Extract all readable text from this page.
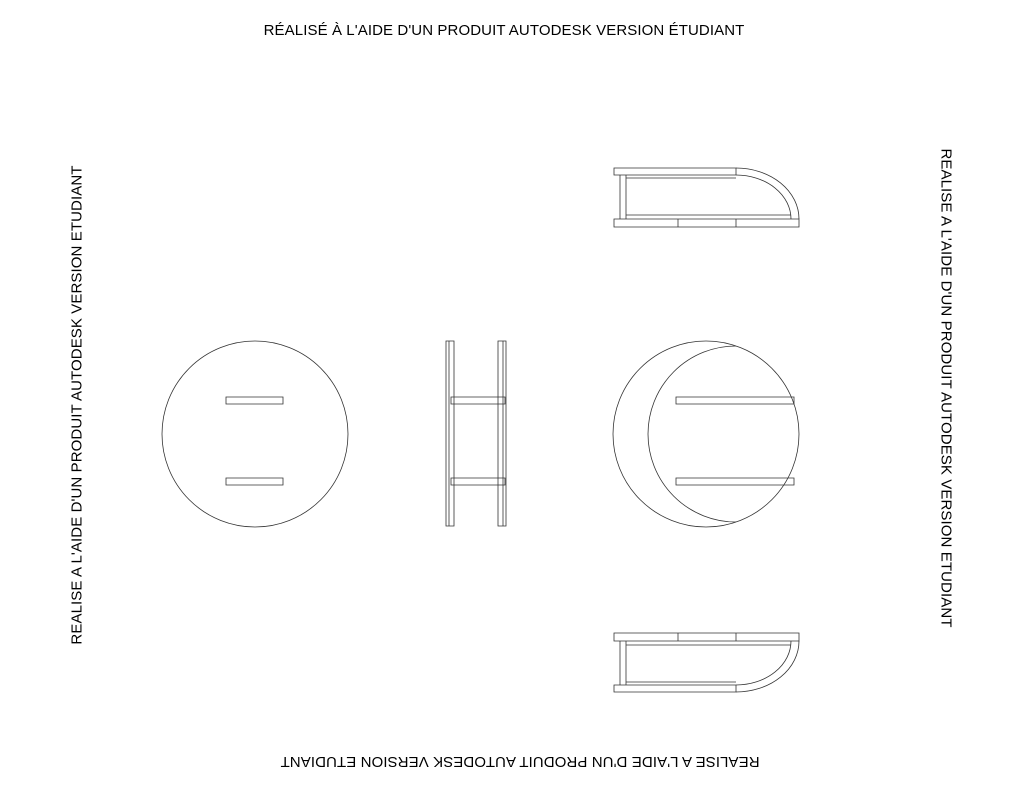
RÉALISÉ À L'AIDE D'UN PRODUIT AUTODESK VERSION ÉTUDIANT
REALISE A L'AIDE D'UN PRODUIT AUTODESK VERSION ETUDIANT	REALISE A L'AIDE D'UN PRODUIT AUTODESK VERSION ETUDIANT
REALISE A L'AIDE D'UN PRODUIT AUTODESK VERSION ETUDIANT
